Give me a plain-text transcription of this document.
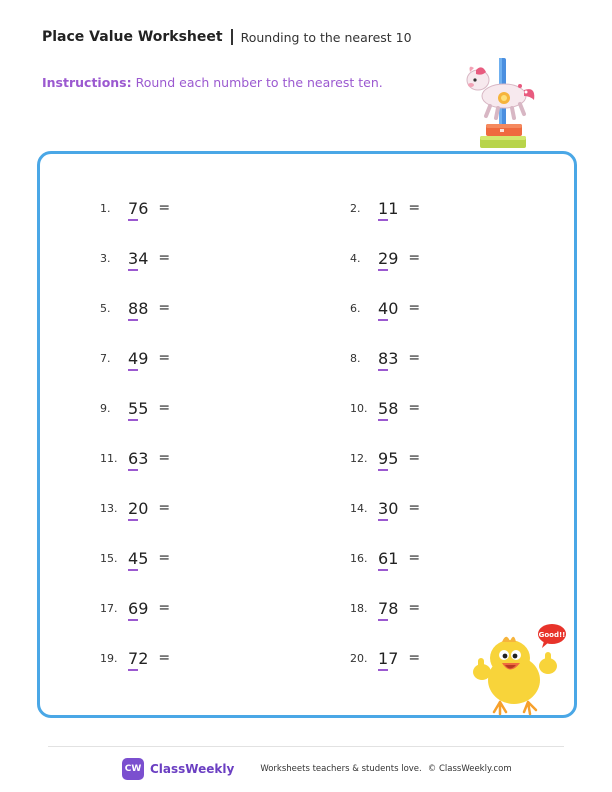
Place Value Worksheet Rounding to the nearest 10
Instructions: Round each number to the nearest ten.
1.	7 6 =	2.	1 1 =
3.	3 4 =	4.	2 9 =
5.	8 8 =	6.	4 0 =
7.	4 9 =	8.	8 3 =
9.	5 5 =	10. 5 8 =
11. 6 3 =	12. 9 5 =
13. 2 0 =	14. 3 0 =
15. 4 5 =	16. 6 1 =
17. 6 9 =	18. 7 8 =
19. 7 2 =	20. 1 7 =
Good!!
CW ClassWeekly	Worksheets teachers & students love. © ClassWeekly.com
